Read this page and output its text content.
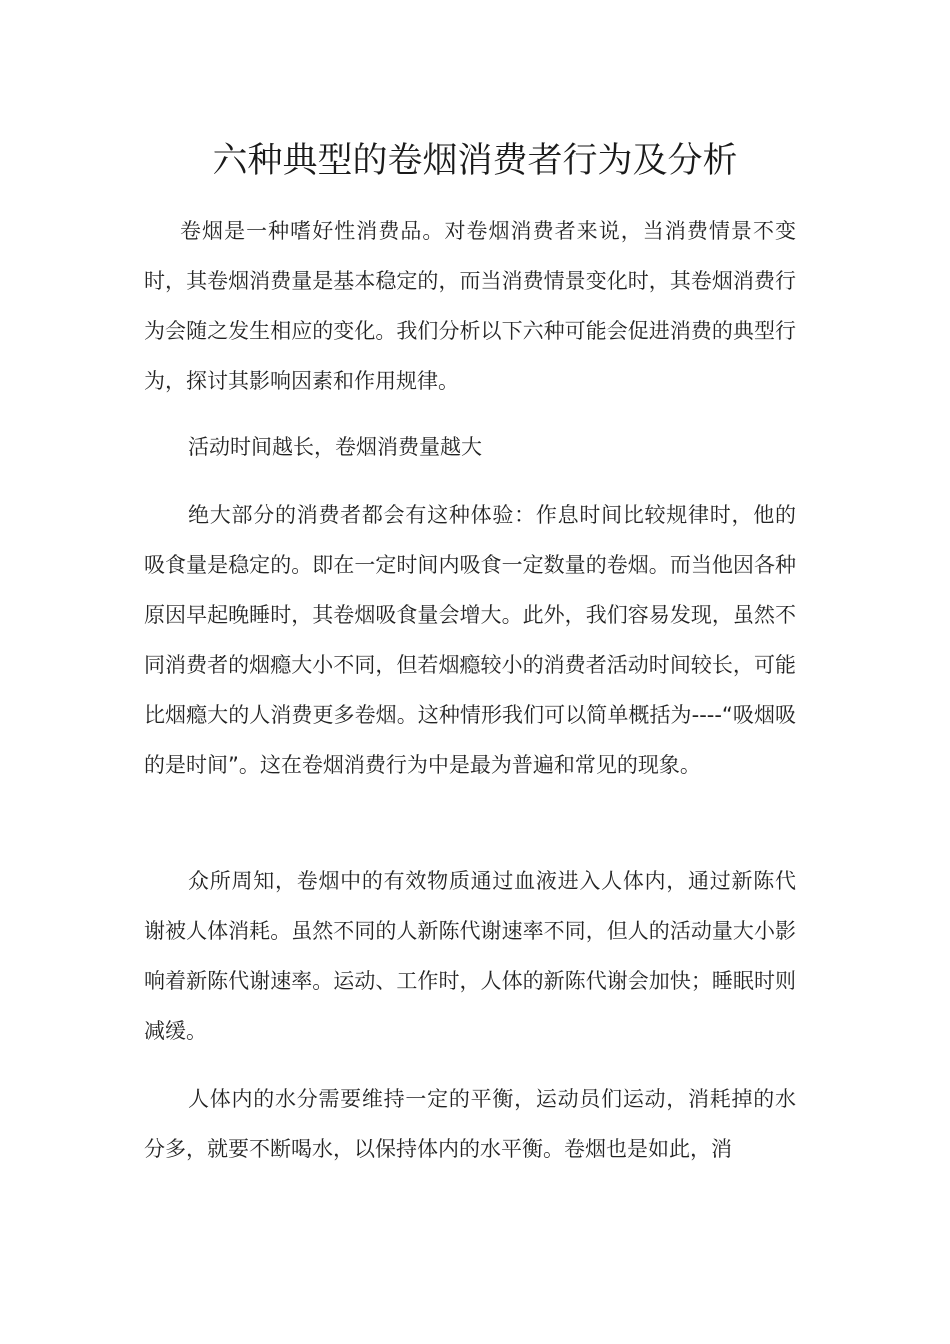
六种典型的卷烟消费者行为及分析

卷烟是一种嗜好性消费品。对卷烟消费者来说，当消费情景不变时，其卷烟消费量是基本稳定的，而当消费情景变化时，其卷烟消费行为会随之发生相应的变化。我们分析以下六种可能会促进消费的典型行为，探讨其影响因素和作用规律。

活动时间越长，卷烟消费量越大

绝大部分的消费者都会有这种体验：作息时间比较规律时，他的吸食量是稳定的。即在一定时间内吸食一定数量的卷烟。而当他因各种原因早起晚睡时，其卷烟吸食量会增大。此外，我们容易发现，虽然不同消费者的烟瘾大小不同，但若烟瘾较小的消费者活动时间较长，可能比烟瘾大的人消费更多卷烟。这种情形我们可以简单概括为----“吸烟吸的是时间”。这在卷烟消费行为中是最为普遍和常见的现象。

众所周知，卷烟中的有效物质通过血液进入人体内，通过新陈代谢被人体消耗。虽然不同的人新陈代谢速率不同，但人的活动量大小影响着新陈代谢速率。运动、工作时，人体的新陈代谢会加快；睡眠时则减缓。

人体内的水分需要维持一定的平衡，运动员们运动，消耗掉的水分多，就要不断喝水，以保持体内的水平衡。卷烟也是如此，消
